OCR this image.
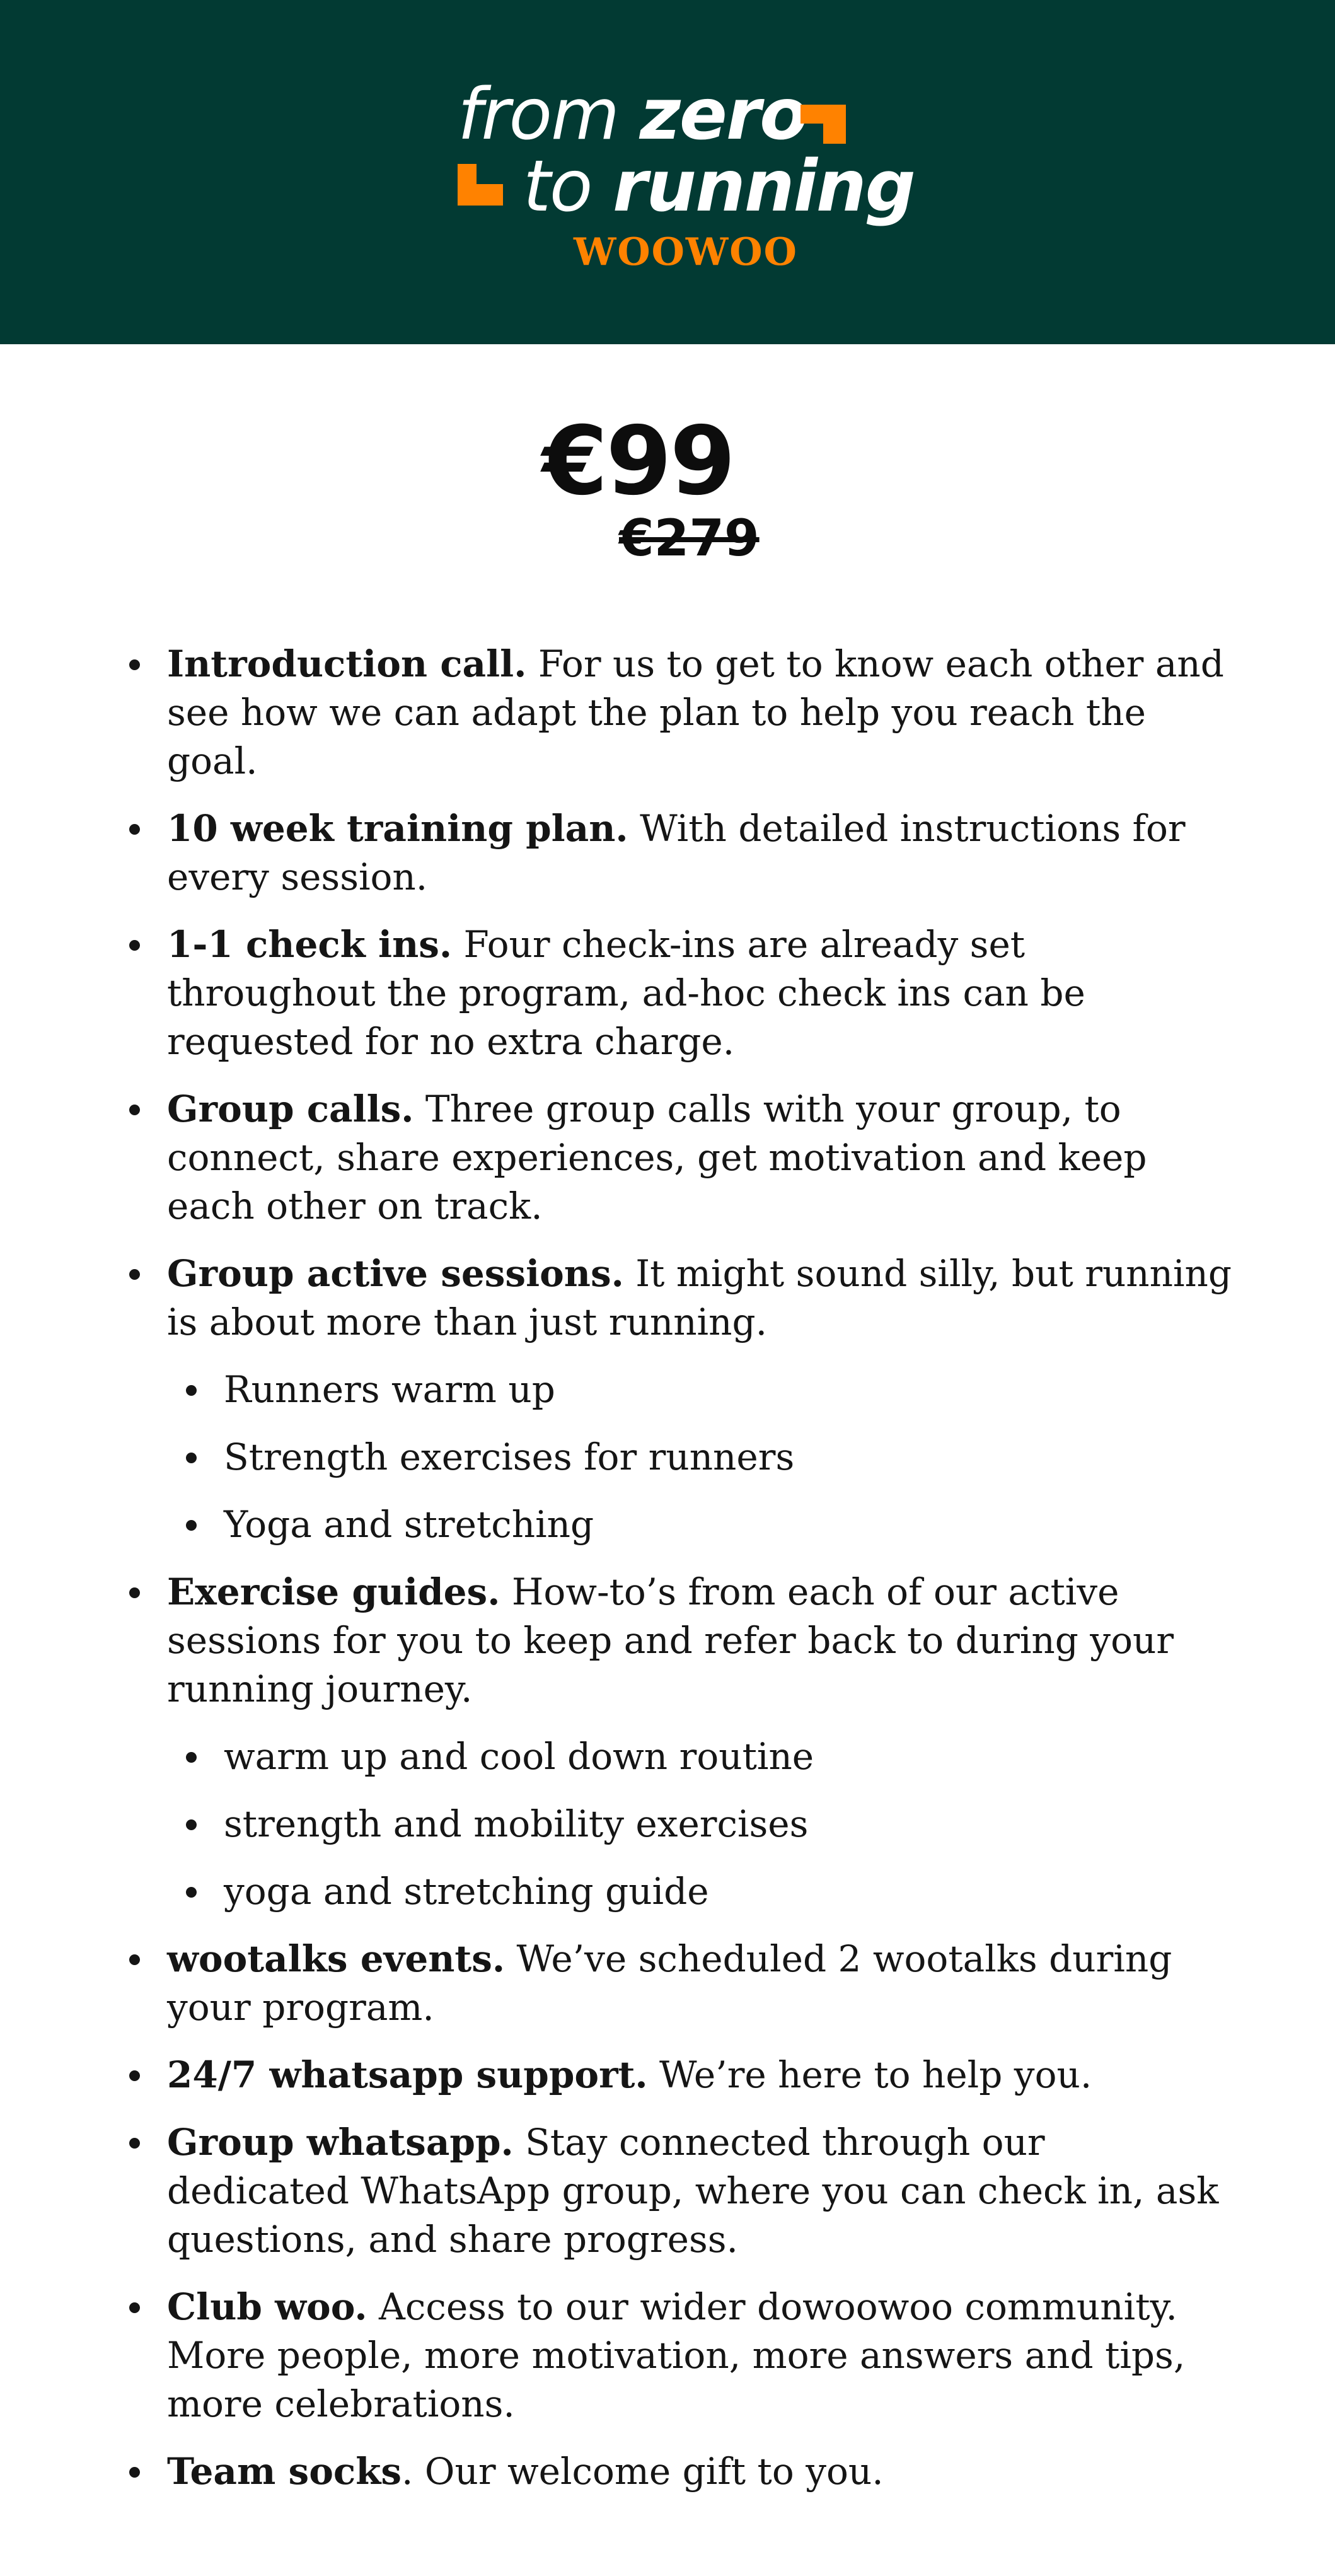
from zero
to running
WOOWOO
€99
€279
Introduction call. For us to get to know each other and see how we can adapt the plan to help you reach the goal.
10 week training plan. With detailed instructions for every session.
1-1 check ins. Four check-ins are already set throughout the program, ad-hoc check ins can be requested for no extra charge.
Group calls. Three group calls with your group, to connect, share experiences, get motivation and keep each other on track.
Group active sessions. It might sound silly, but running is about more than just running.
Runners warm up
Strength exercises for runners
Yoga and stretching
Exercise guides. How-to’s from each of our active sessions for you to keep and refer back to during your running journey.
warm up and cool down routine
strength and mobility exercises
yoga and stretching guide
wootalks events. We’ve scheduled 2 wootalks during your program.
24/7 whatsapp support. We’re here to help you.
Group whatsapp. Stay connected through our dedicated WhatsApp group, where you can check in, ask questions, and share progress.
Club woo. Access to our wider dowoowoo community. More people, more motivation, more answers and tips, more celebrations.
Team socks. Our welcome gift to you.
